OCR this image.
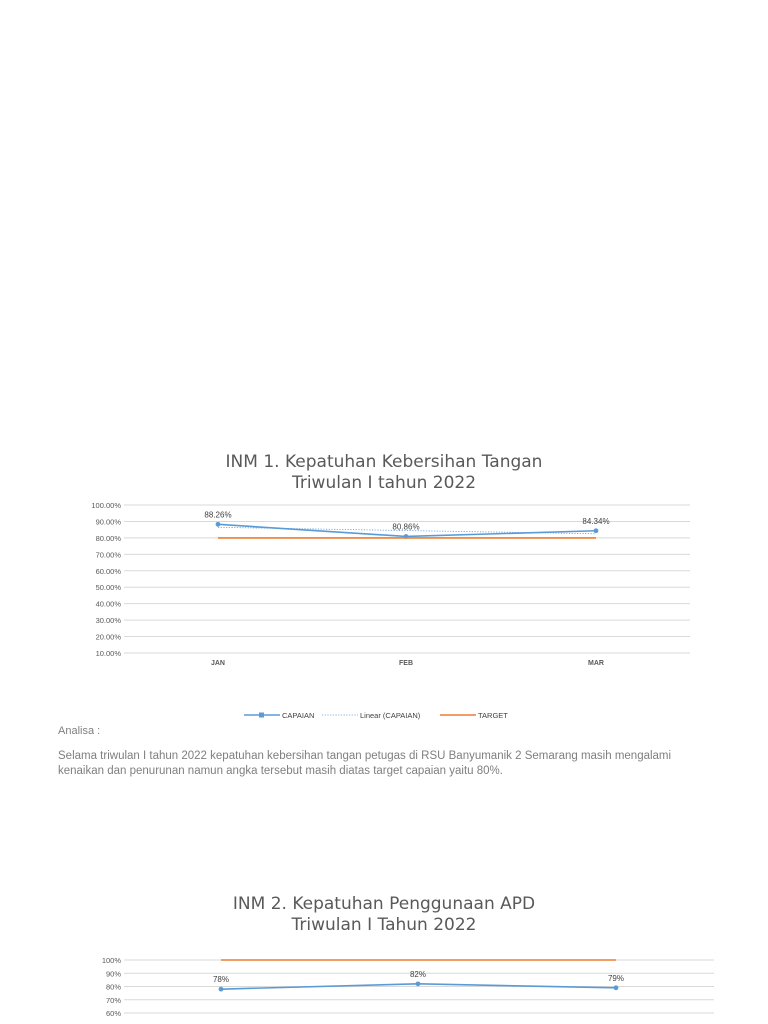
INM 1. Kepatuhan Kebersihan Tangan
Triwulan I tahun 2022
100.00%
90.00%
80.00%
70.00%
60.00%
50.00%
40.00%
30.00%
20.00%
10.00%
JAN	FEB	MAR
88.26%
80.86%
84.34%
CAPAIAN	Linear (CAPAIAN)	TARGET
Analisa :
Selama triwulan I tahun 2022 kepatuhan kebersihan tangan petugas di RSU Banyumanik 2 Semarang masih mengalami kenaikan dan penurunan namun angka tersebut masih diatas target capaian yaitu 80%.
INM 2. Kepatuhan Penggunaan APD
Triwulan I Tahun 2022
100%
90%
80%
70%
60%
78%
82%	79%
